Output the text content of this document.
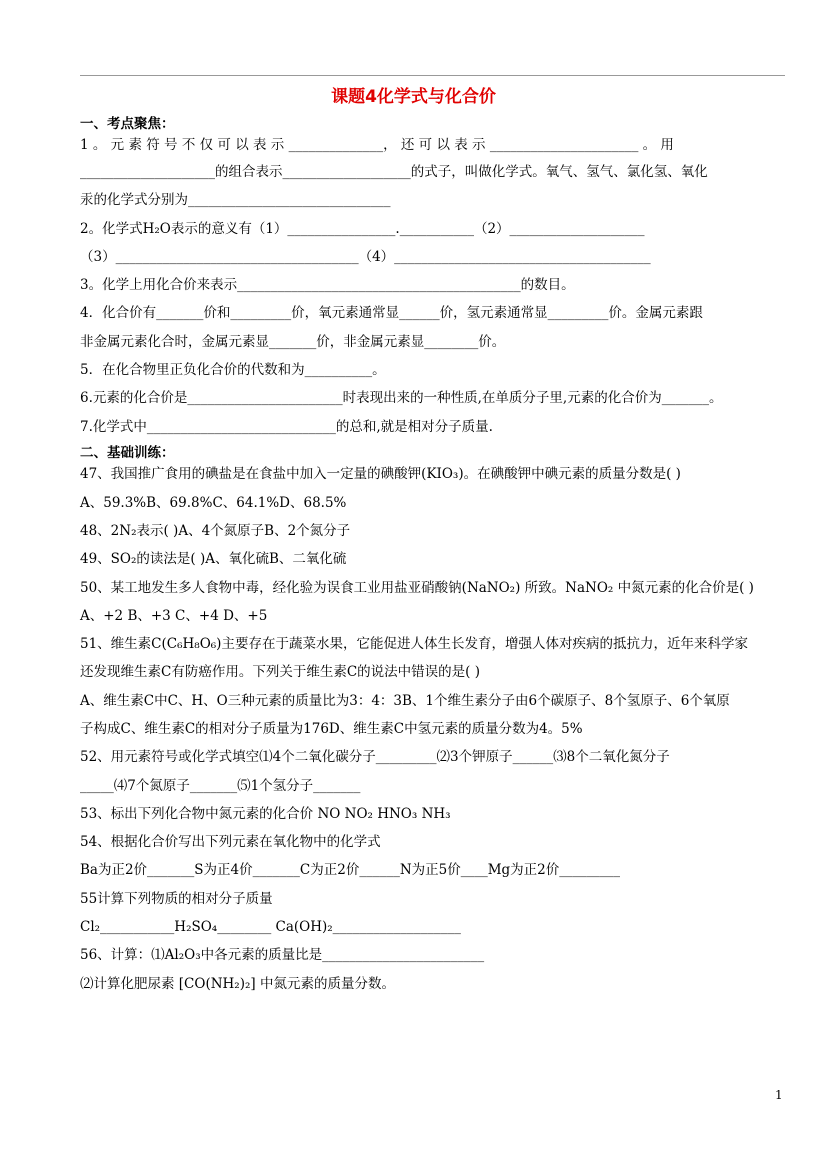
课题4化学式与化合价
一、考点聚焦：
1 。 元 素 符 号 不 仅 可 以 表 示 ______________， 还 可 以 表 示 ______________________ 。 用
____________________的组合表示___________________的式子，叫做化学式。氧气、氢气、氯化氢、氧化
汞的化学式分别为______________________________
2。化学式H₂O表示的意义有（1）________________.___________（2）____________________
（3）____________________________________（4）______________________________________
3。化学上用化合价来表示__________________________________________的数目。
4．化合价有_______价和_________价，氧元素通常显______价，氢元素通常显_________价。金属元素跟
非金属元素化合时，金属元素显_______价，非金属元素显________价。
5．在化合物里正负化合价的代数和为__________。
6.元素的化合价是_______________________时表现出来的一种性质,在单质分子里,元素的化合价为_______。
7.化学式中____________________________的总和,就是相对分子质量.
二、基础训练：
47、我国推广食用的碘盐是在食盐中加入一定量的碘酸钾(KIO₃)。在碘酸钾中碘元素的质量分数是( )
A、59.3%B、69.8%C、64.1%D、68.5%
48、2N₂表示( )A、4个氮原子B、2个氮分子
49、SO₂的读法是( )A、氧化硫B、二氧化硫
50、某工地发生多人食物中毒，经化验为误食工业用盐亚硝酸钠(NaNO₂) 所致。NaNO₂ 中氮元素的化合价是( )
A、+2 B、+3 C、+4 D、+5
51、维生素C(C₆H₈O₆)主要存在于蔬菜水果，它能促进人体生长发育，增强人体对疾病的抵抗力，近年来科学家
还发现维生素C有防癌作用。下列关于维生素C的说法中错误的是( )
A、维生素C中C、H、O三种元素的质量比为3：4：3B、1个维生素分子由6个碳原子、8个氢原子、6个氧原
子构成C、维生素C的相对分子质量为176D、维生素C中氢元素的质量分数为4。5%
52、用元素符号或化学式填空⑴4个二氧化碳分子_________⑵3个钾原子______⑶8个二氧化氮分子
_____⑷7个氮原子_______⑸1个氢分子_______
53、标出下列化合物中氮元素的化合价 NO NO₂ HNO₃ NH₃
54、根据化合价写出下列元素在氧化物中的化学式
Ba为正2价_______S为正4价_______C为正2价______N为正5价____Mg为正2价_________
55计算下列物质的相对分子质量
Cl₂___________H₂SO₄________ Ca(OH)₂___________________
56、计算：⑴Al₂O₃中各元素的质量比是________________________
⑵计算化肥尿素 [CO(NH₂)₂] 中氮元素的质量分数。
1
